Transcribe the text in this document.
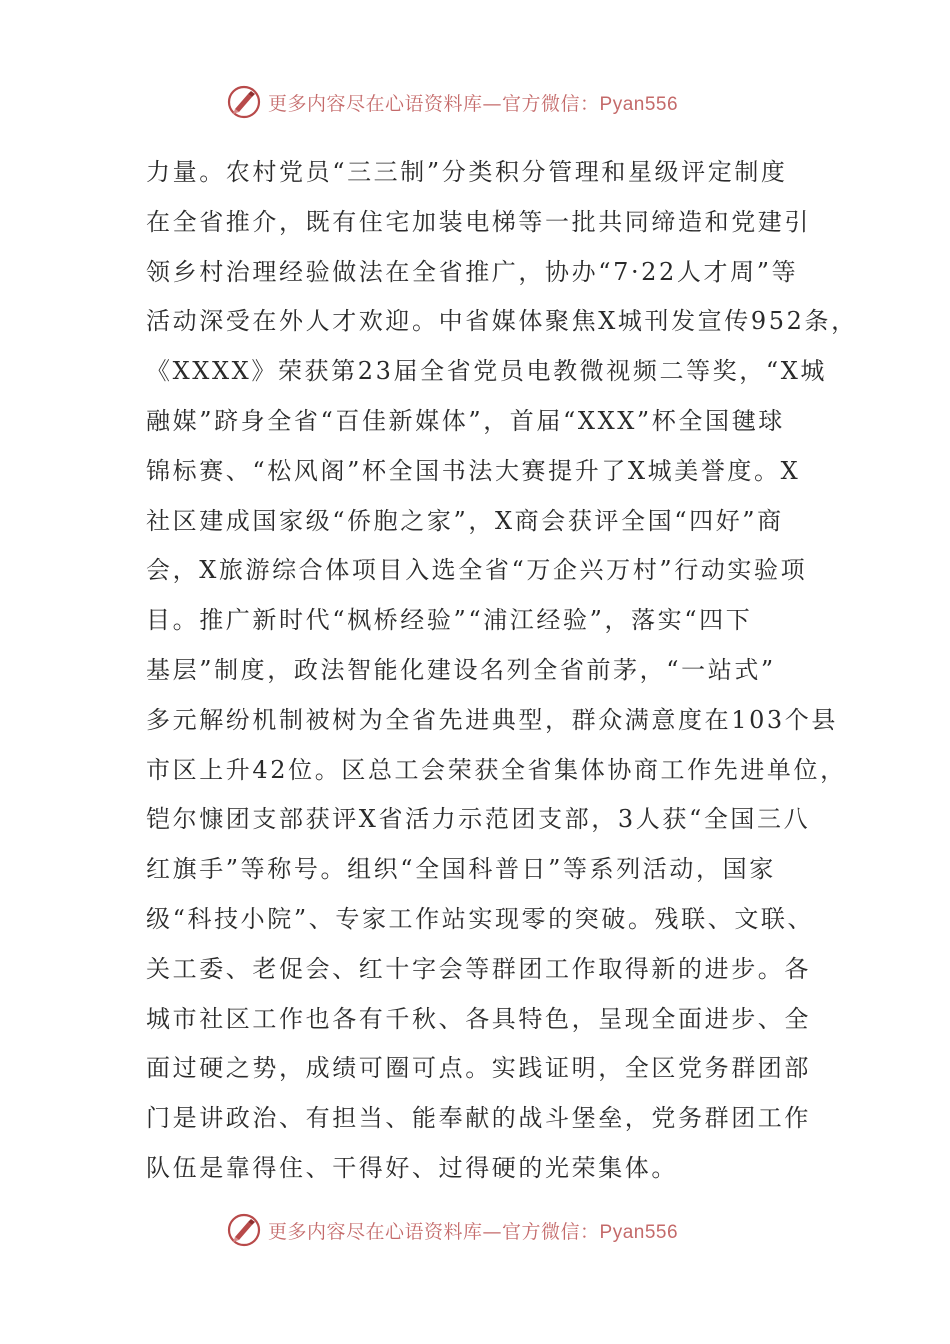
更多内容尽在心语资料库—官方微信：Pyan556
力量。农村党员“三三制”分类积分管理和星级评定制度
在全省推介，既有住宅加装电梯等一批共同缔造和党建引
领乡村治理经验做法在全省推广，协办“7·22人才周”等
活动深受在外人才欢迎。中省媒体聚焦X城刊发宣传952条，
《XXXX》荣获第23届全省党员电教微视频二等奖，“X城
融媒”跻身全省“百佳新媒体”，首届“XXX”杯全国毽球
锦标赛、“松风阁”杯全国书法大赛提升了X城美誉度。X
社区建成国家级“侨胞之家”，X商会获评全国“四好”商
会，X旅游综合体项目入选全省“万企兴万村”行动实验项
目。推广新时代“枫桥经验”“浦江经验”，落实“四下
基层”制度，政法智能化建设名列全省前茅，“一站式”
多元解纷机制被树为全省先进典型，群众满意度在103个县
市区上升42位。区总工会荣获全省集体协商工作先进单位，
铠尔慷团支部获评X省活力示范团支部，3人获“全国三八
红旗手”等称号。组织“全国科普日”等系列活动，国家
级“科技小院”、专家工作站实现零的突破。残联、文联、
关工委、老促会、红十字会等群团工作取得新的进步。各
城市社区工作也各有千秋、各具特色，呈现全面进步、全
面过硬之势，成绩可圈可点。实践证明，全区党务群团部
门是讲政治、有担当、能奉献的战斗堡垒，党务群团工作
队伍是靠得住、干得好、过得硬的光荣集体。
更多内容尽在心语资料库—官方微信：Pyan556
